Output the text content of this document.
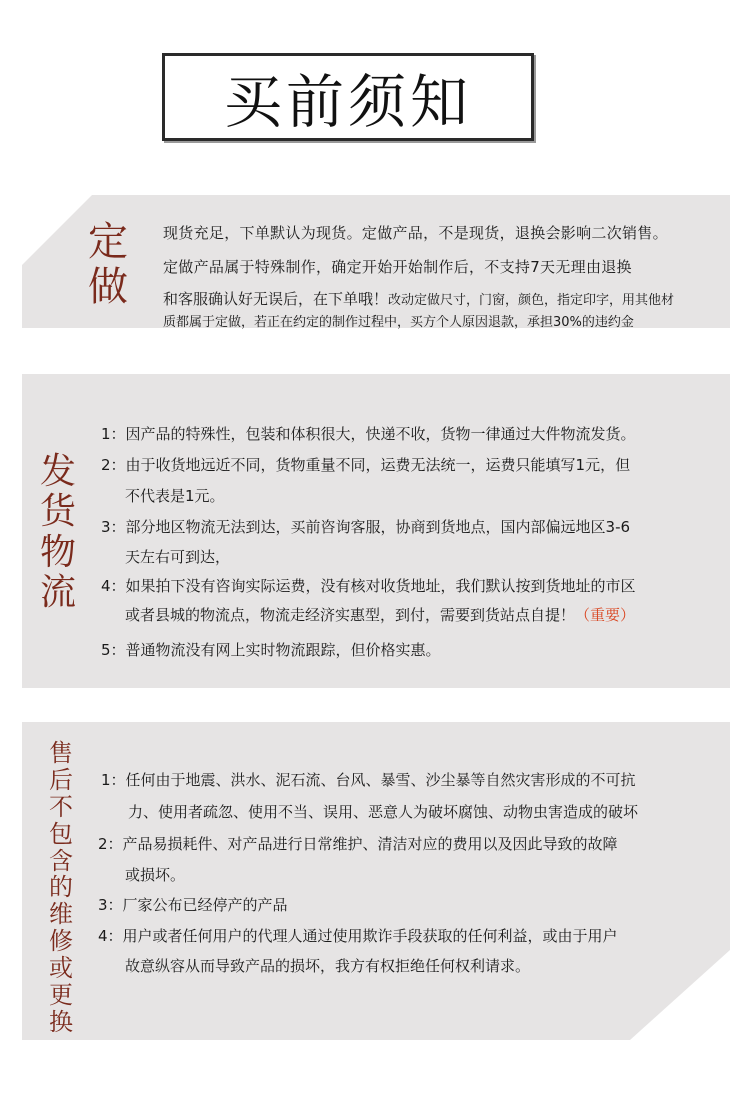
买前须知
定
做
现货充足，下单默认为现货。定做产品，不是现货，退换会影响二次销售。
定做产品属于特殊制作，确定开始开始制作后，不支持7天无理由退换
和客服确认好无误后，在下单哦！改动定做尺寸，门窗，颜色，指定印字，用其他材
质都属于定做，若正在约定的制作过程中，买方个人原因退款，承担30%的违约金
发
货
物
流
1：因产品的特殊性，包装和体积很大，快递不收，货物一律通过大件物流发货。
2：由于收货地远近不同，货物重量不同，运费无法统一，运费只能填写1元，但
不代表是1元。
3：部分地区物流无法到达，买前咨询客服，协商到货地点，国内部偏远地区3-6
天左右可到达，
4：如果拍下没有咨询实际运费，没有核对收货地址，我们默认按到货地址的市区
或者县城的物流点，物流走经济实惠型，到付，需要到货站点自提！（重要）
5：普通物流没有网上实时物流跟踪，但价格实惠。
售
后
不
包
含
的
维
修
或
更
换
1：任何由于地震、洪水、泥石流、台风、暴雪、沙尘暴等自然灾害形成的不可抗
力、使用者疏忽、使用不当、误用、恶意人为破坏腐蚀、动物虫害造成的破坏
2：产品易损耗件、对产品进行日常维护、清洁对应的费用以及因此导致的故障
或损坏。
3：厂家公布已经停产的产品
4：用户或者任何用户的代理人通过使用欺诈手段获取的任何利益，或由于用户
故意纵容从而导致产品的损坏，我方有权拒绝任何权利请求。
